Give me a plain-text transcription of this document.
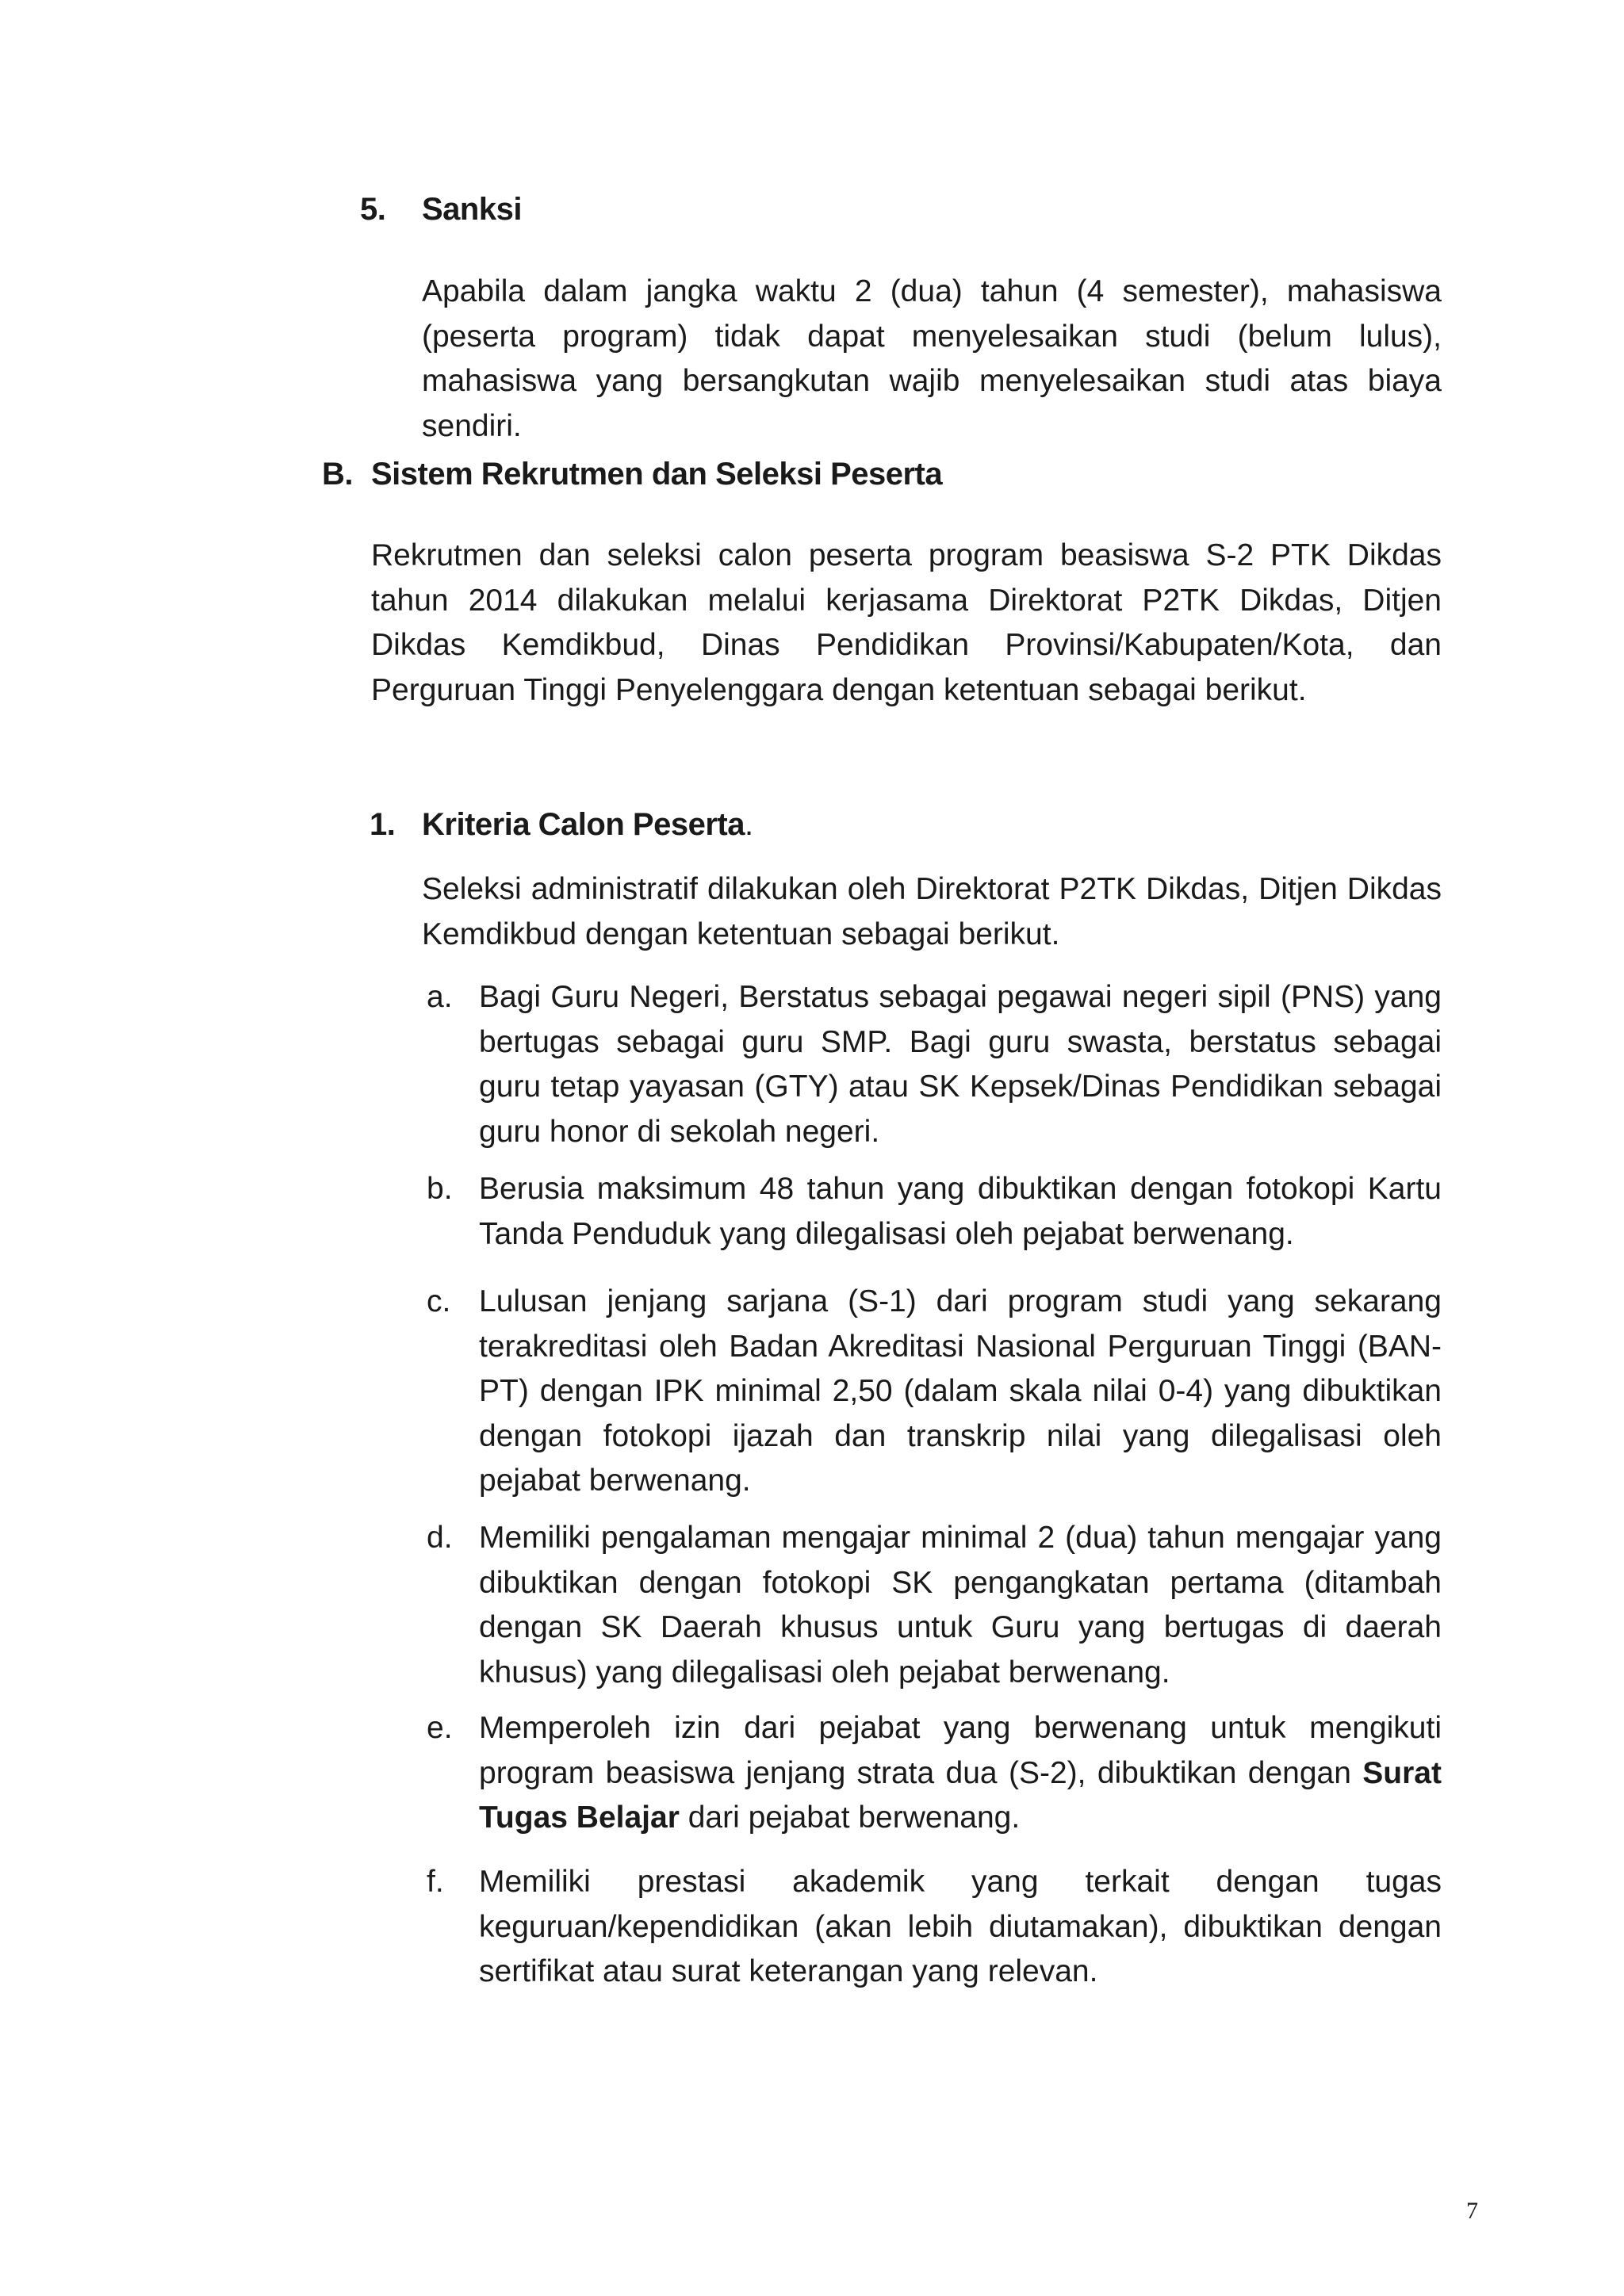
5. Sanksi
Apabila dalam jangka waktu 2 (dua) tahun (4 semester), mahasiswa (peserta program) tidak dapat menyelesaikan studi (belum lulus), mahasiswa yang bersangkutan wajib menyelesaikan studi atas biaya sendiri.
B. Sistem Rekrutmen dan Seleksi Peserta
Rekrutmen dan seleksi calon peserta program beasiswa S-2 PTK Dikdas tahun 2014 dilakukan melalui kerjasama Direktorat P2TK Dikdas, Ditjen Dikdas Kemdikbud, Dinas Pendidikan Provinsi/Kabupaten/Kota, dan Perguruan Tinggi Penyelenggara dengan ketentuan sebagai berikut.
1. Kriteria Calon Peserta.
Seleksi administratif dilakukan oleh Direktorat P2TK Dikdas, Ditjen Dikdas Kemdikbud dengan ketentuan sebagai berikut.
a. Bagi Guru Negeri, Berstatus sebagai pegawai negeri sipil (PNS) yang bertugas sebagai guru SMP. Bagi guru swasta, berstatus sebagai guru tetap yayasan (GTY) atau SK Kepsek/Dinas Pendidikan sebagai guru honor di sekolah negeri.
b. Berusia maksimum 48 tahun yang dibuktikan dengan fotokopi Kartu Tanda Penduduk yang dilegalisasi oleh pejabat berwenang.
c. Lulusan jenjang sarjana (S-1) dari program studi yang sekarang terakreditasi oleh Badan Akreditasi Nasional Perguruan Tinggi (BAN-PT) dengan IPK minimal 2,50 (dalam skala nilai 0-4) yang dibuktikan dengan fotokopi ijazah dan transkrip nilai yang dilegalisasi oleh pejabat berwenang.
d. Memiliki pengalaman mengajar minimal 2 (dua) tahun mengajar yang dibuktikan dengan fotokopi SK pengangkatan pertama (ditambah dengan SK Daerah khusus untuk Guru yang bertugas di daerah khusus) yang dilegalisasi oleh pejabat berwenang.
e. Memperoleh izin dari pejabat yang berwenang untuk mengikuti program beasiswa jenjang strata dua (S-2), dibuktikan dengan Surat Tugas Belajar dari pejabat berwenang.
f. Memiliki prestasi akademik yang terkait dengan tugas keguruan/kependidikan (akan lebih diutamakan), dibuktikan dengan sertifikat atau surat keterangan yang relevan.
7
